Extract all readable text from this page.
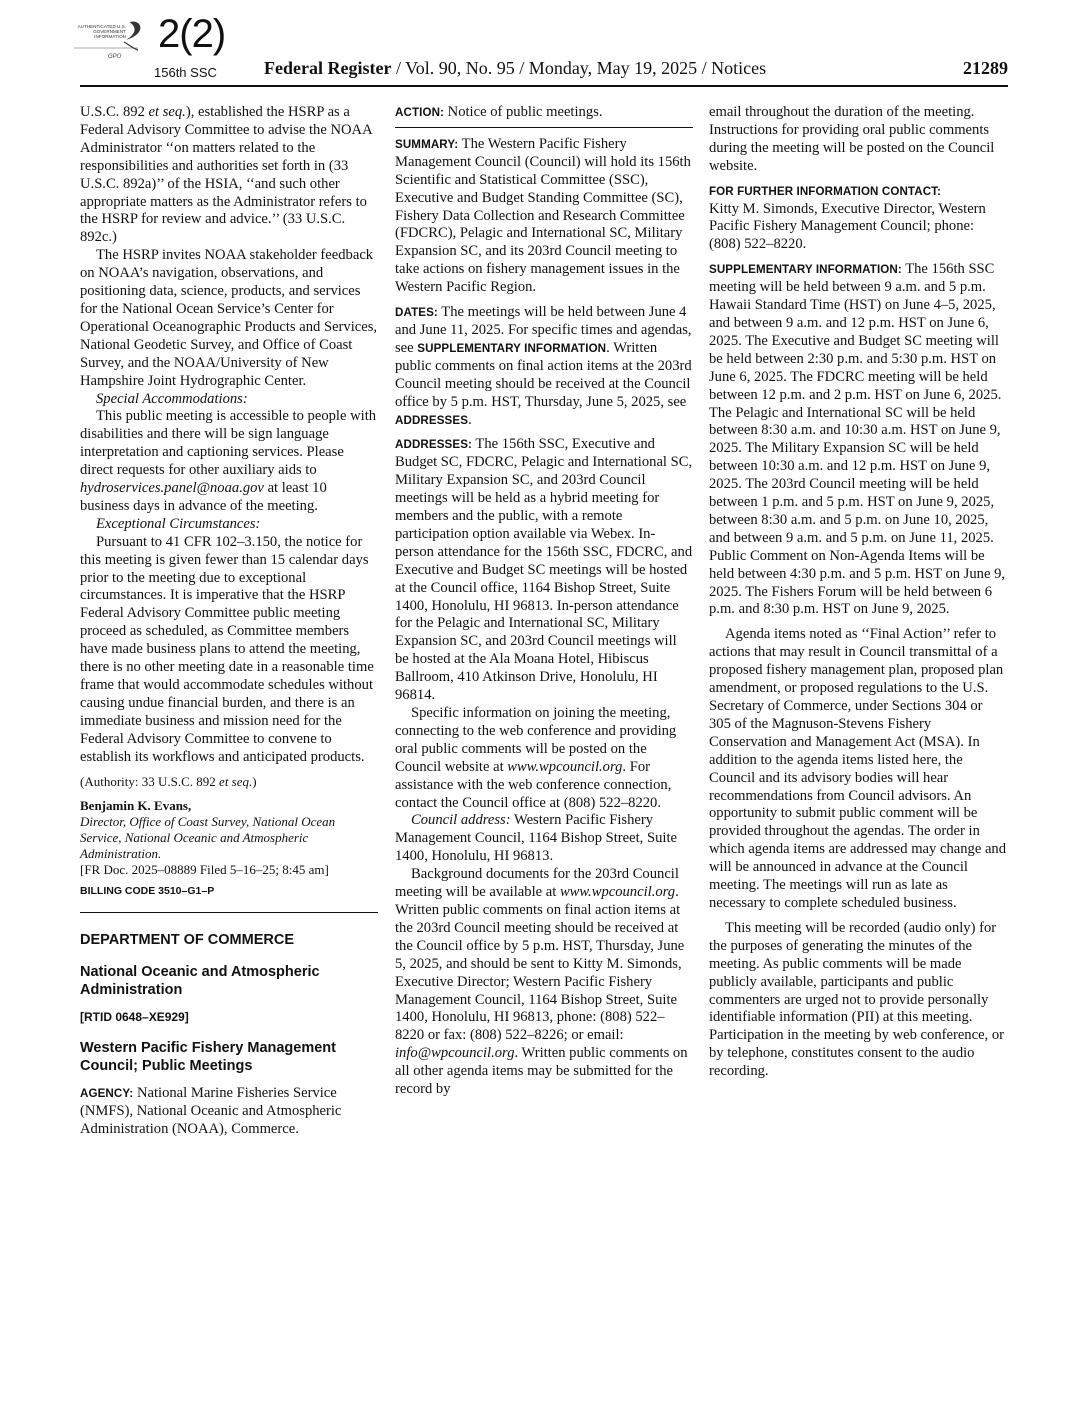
AUTHENTICATED U.S. GOVERNMENT INFORMATION
GPO
2(2)
156th SSC	Federal Register / Vol. 90, No. 95 / Monday, May 19, 2025 / Notices	21289
U.S.C. 892 et seq.), established the HSRP as a Federal Advisory Committee to advise the NOAA Administrator ‘‘on matters related to the responsibilities and authorities set forth in (33 U.S.C. 892a)’’ of the HSIA, ‘‘and such other appropriate matters as the Administrator refers to the HSRP for review and advice.’’ (33 U.S.C. 892c.)
The HSRP invites NOAA stakeholder feedback on NOAA’s navigation, observations, and positioning data, science, products, and services for the National Ocean Service’s Center for Operational Oceanographic Products and Services, National Geodetic Survey, and Office of Coast Survey, and the NOAA/University of New Hampshire Joint Hydrographic Center.
Special Accommodations:
This public meeting is accessible to people with disabilities and there will be sign language interpretation and captioning services. Please direct requests for other auxiliary aids to hydroservices.panel@noaa.gov at least 10 business days in advance of the meeting.
Exceptional Circumstances:
Pursuant to 41 CFR 102–3.150, the notice for this meeting is given fewer than 15 calendar days prior to the meeting due to exceptional circumstances. It is imperative that the HSRP Federal Advisory Committee public meeting proceed as scheduled, as Committee members have made business plans to attend the meeting, there is no other meeting date in a reasonable time frame that would accommodate schedules without causing undue financial burden, and there is an immediate business and mission need for the Federal Advisory Committee to convene to establish its workflows and anticipated products.
(Authority: 33 U.S.C. 892 et seq.)
Benjamin K. Evans,
Director, Office of Coast Survey, National Ocean Service, National Oceanic and Atmospheric Administration.
[FR Doc. 2025–08889 Filed 5–16–25; 8:45 am]
BILLING CODE 3510–G1–P
DEPARTMENT OF COMMERCE
National Oceanic and Atmospheric Administration
[RTID 0648–XE929]
Western Pacific Fishery Management Council; Public Meetings
AGENCY: National Marine Fisheries Service (NMFS), National Oceanic and Atmospheric Administration (NOAA), Commerce.
ACTION: Notice of public meetings.
SUMMARY: The Western Pacific Fishery Management Council (Council) will hold its 156th Scientific and Statistical Committee (SSC), Executive and Budget Standing Committee (SC), Fishery Data Collection and Research Committee (FDCRC), Pelagic and International SC, Military Expansion SC, and its 203rd Council meeting to take actions on fishery management issues in the Western Pacific Region.
DATES: The meetings will be held between June 4 and June 11, 2025. For specific times and agendas, see SUPPLEMENTARY INFORMATION. Written public comments on final action items at the 203rd Council meeting should be received at the Council office by 5 p.m. HST, Thursday, June 5, 2025, see ADDRESSES.
ADDRESSES: The 156th SSC, Executive and Budget SC, FDCRC, Pelagic and International SC, Military Expansion SC, and 203rd Council meetings will be held as a hybrid meeting for members and the public, with a remote participation option available via Webex. In-person attendance for the 156th SSC, FDCRC, and Executive and Budget SC meetings will be hosted at the Council office, 1164 Bishop Street, Suite 1400, Honolulu, HI 96813. In-person attendance for the Pelagic and International SC, Military Expansion SC, and 203rd Council meetings will be hosted at the Ala Moana Hotel, Hibiscus Ballroom, 410 Atkinson Drive, Honolulu, HI 96814.
Specific information on joining the meeting, connecting to the web conference and providing oral public comments will be posted on the Council website at www.wpcouncil.org. For assistance with the web conference connection, contact the Council office at (808) 522–8220.
Council address: Western Pacific Fishery Management Council, 1164 Bishop Street, Suite 1400, Honolulu, HI 96813.
Background documents for the 203rd Council meeting will be available at www.wpcouncil.org. Written public comments on final action items at the 203rd Council meeting should be received at the Council office by 5 p.m. HST, Thursday, June 5, 2025, and should be sent to Kitty M. Simonds, Executive Director; Western Pacific Fishery Management Council, 1164 Bishop Street, Suite 1400, Honolulu, HI 96813, phone: (808) 522–8220 or fax: (808) 522–8226; or email: info@wpcouncil.org. Written public comments on all other agenda items may be submitted for the record by
email throughout the duration of the meeting. Instructions for providing oral public comments during the meeting will be posted on the Council website.
FOR FURTHER INFORMATION CONTACT:
Kitty M. Simonds, Executive Director, Western Pacific Fishery Management Council; phone: (808) 522–8220.
SUPPLEMENTARY INFORMATION: The 156th SSC meeting will be held between 9 a.m. and 5 p.m. Hawaii Standard Time (HST) on June 4–5, 2025, and between 9 a.m. and 12 p.m. HST on June 6, 2025. The Executive and Budget SC meeting will be held between 2:30 p.m. and 5:30 p.m. HST on June 6, 2025. The FDCRC meeting will be held between 12 p.m. and 2 p.m. HST on June 6, 2025. The Pelagic and International SC will be held between 8:30 a.m. and 10:30 a.m. HST on June 9, 2025. The Military Expansion SC will be held between 10:30 a.m. and 12 p.m. HST on June 9, 2025. The 203rd Council meeting will be held between 1 p.m. and 5 p.m. HST on June 9, 2025, between 8:30 a.m. and 5 p.m. on June 10, 2025, and between 9 a.m. and 5 p.m. on June 11, 2025. Public Comment on Non-Agenda Items will be held between 4:30 p.m. and 5 p.m. HST on June 9, 2025. The Fishers Forum will be held between 6 p.m. and 8:30 p.m. HST on June 9, 2025.
Agenda items noted as ‘‘Final Action’’ refer to actions that may result in Council transmittal of a proposed fishery management plan, proposed plan amendment, or proposed regulations to the U.S. Secretary of Commerce, under Sections 304 or 305 of the Magnuson-Stevens Fishery Conservation and Management Act (MSA). In addition to the agenda items listed here, the Council and its advisory bodies will hear recommendations from Council advisors. An opportunity to submit public comment will be provided throughout the agendas. The order in which agenda items are addressed may change and will be announced in advance at the Council meeting. The meetings will run as late as necessary to complete scheduled business.
This meeting will be recorded (audio only) for the purposes of generating the minutes of the meeting. As public comments will be made publicly available, participants and public commenters are urged not to provide personally identifiable information (PII) at this meeting. Participation in the meeting by web conference, or by telephone, constitutes consent to the audio recording.
